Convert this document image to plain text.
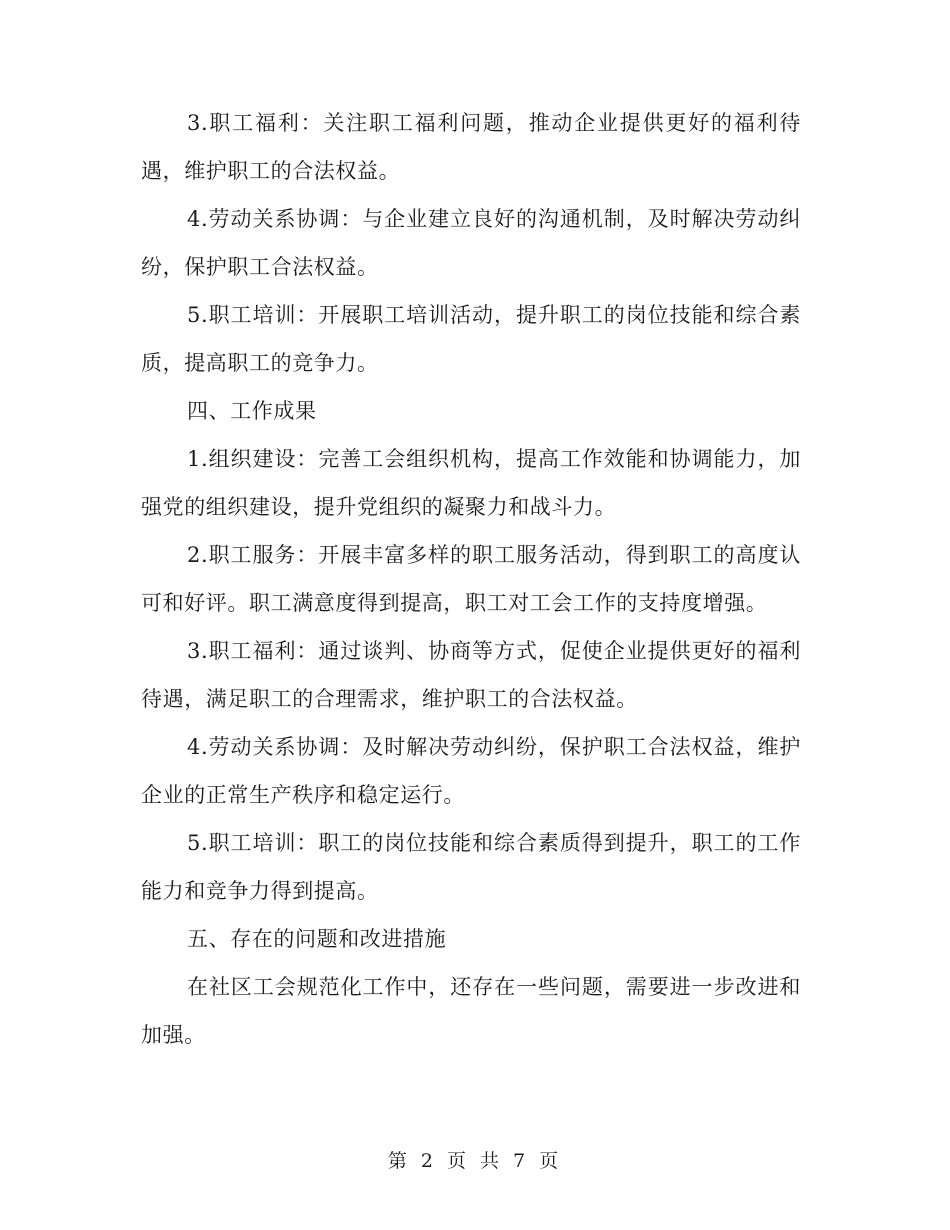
3.职工福利：关注职工福利问题，推动企业提供更好的福利待遇，维护职工的合法权益。

4.劳动关系协调：与企业建立良好的沟通机制，及时解决劳动纠纷，保护职工合法权益。

5.职工培训：开展职工培训活动，提升职工的岗位技能和综合素质，提高职工的竞争力。

四、工作成果

1.组织建设：完善工会组织机构，提高工作效能和协调能力，加强党的组织建设，提升党组织的凝聚力和战斗力。

2.职工服务：开展丰富多样的职工服务活动，得到职工的高度认可和好评。职工满意度得到提高，职工对工会工作的支持度增强。

3.职工福利：通过谈判、协商等方式，促使企业提供更好的福利待遇，满足职工的合理需求，维护职工的合法权益。

4.劳动关系协调：及时解决劳动纠纷，保护职工合法权益，维护企业的正常生产秩序和稳定运行。

5.职工培训：职工的岗位技能和综合素质得到提升，职工的工作能力和竞争力得到提高。

五、存在的问题和改进措施

在社区工会规范化工作中，还存在一些问题，需要进一步改进和加强。

第 2 页 共 7 页
